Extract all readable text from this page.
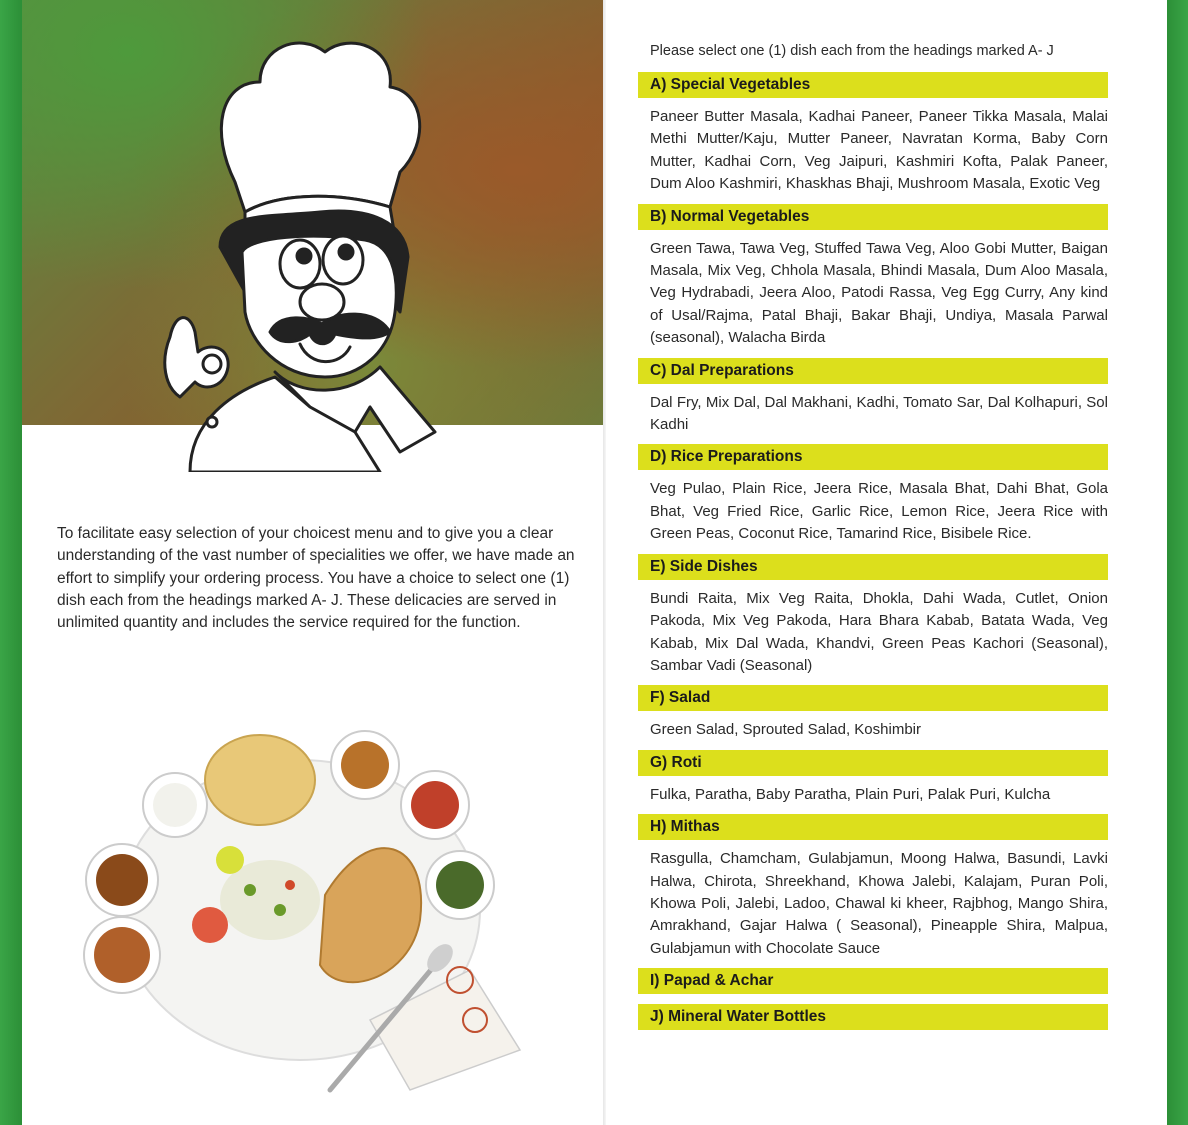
To facilitate easy selection of your choicest menu and to give you a clear understanding of the vast number of specialities we offer, we have made an effort to simplify your ordering process. You have a choice to select one (1) dish each from the headings marked A- J. These delicacies are served in unlimited quantity and includes the service required for the function.

Please select one (1) dish each from the headings marked A- J
A) Special Vegetables

Paneer Butter Masala, Kadhai Paneer, Paneer Tikka Masala, Malai Methi Mutter/Kaju, Mutter Paneer, Navratan Korma, Baby Corn Mutter, Kadhai Corn, Veg Jaipuri, Kashmiri Kofta, Palak Paneer, Dum Aloo Kashmiri, Khaskhas Bhaji, Mushroom Masala, Exotic Veg

B) Normal Vegetables

Green Tawa, Tawa Veg, Stuffed Tawa Veg, Aloo Gobi Mutter, Baigan Masala, Mix Veg, Chhola Masala, Bhindi Masala, Dum Aloo Masala, Veg Hydrabadi, Jeera Aloo, Patodi Rassa, Veg Egg Curry, Any kind of Usal/Rajma, Patal Bhaji, Bakar Bhaji, Undiya, Masala Parwal (seasonal), Walacha Birda

C) Dal Preparations

Dal Fry, Mix Dal, Dal Makhani, Kadhi, Tomato Sar, Dal Kolhapuri, Sol Kadhi

D) Rice Preparations

Veg Pulao, Plain Rice, Jeera Rice, Masala Bhat, Dahi Bhat, Gola Bhat, Veg Fried Rice, Garlic Rice, Lemon Rice, Jeera Rice with Green Peas, Coconut Rice, Tamarind Rice, Bisibele Rice.

E) Side Dishes

Bundi Raita, Mix Veg Raita, Dhokla, Dahi Wada, Cutlet, Onion Pakoda, Mix Veg Pakoda, Hara Bhara Kabab, Batata Wada, Veg Kabab, Mix Dal Wada, Khandvi, Green Peas Kachori (Seasonal), Sambar Vadi (Seasonal)

F) Salad

Green Salad, Sprouted Salad, Koshimbir

G) Roti

Fulka, Paratha, Baby Paratha, Plain Puri, Palak Puri, Kulcha

H) Mithas

Rasgulla, Chamcham, Gulabjamun, Moong Halwa, Basundi, Lavki Halwa, Chirota, Shreekhand, Khowa Jalebi, Kalajam, Puran Poli, Khowa Poli, Jalebi, Ladoo, Chawal ki kheer, Rajbhog, Mango Shira, Amrakhand, Gajar Halwa ( Seasonal), Pineapple Shira, Malpua, Gulabjamun with Chocolate Sauce

I) Papad & Achar
J) Mineral Water Bottles
